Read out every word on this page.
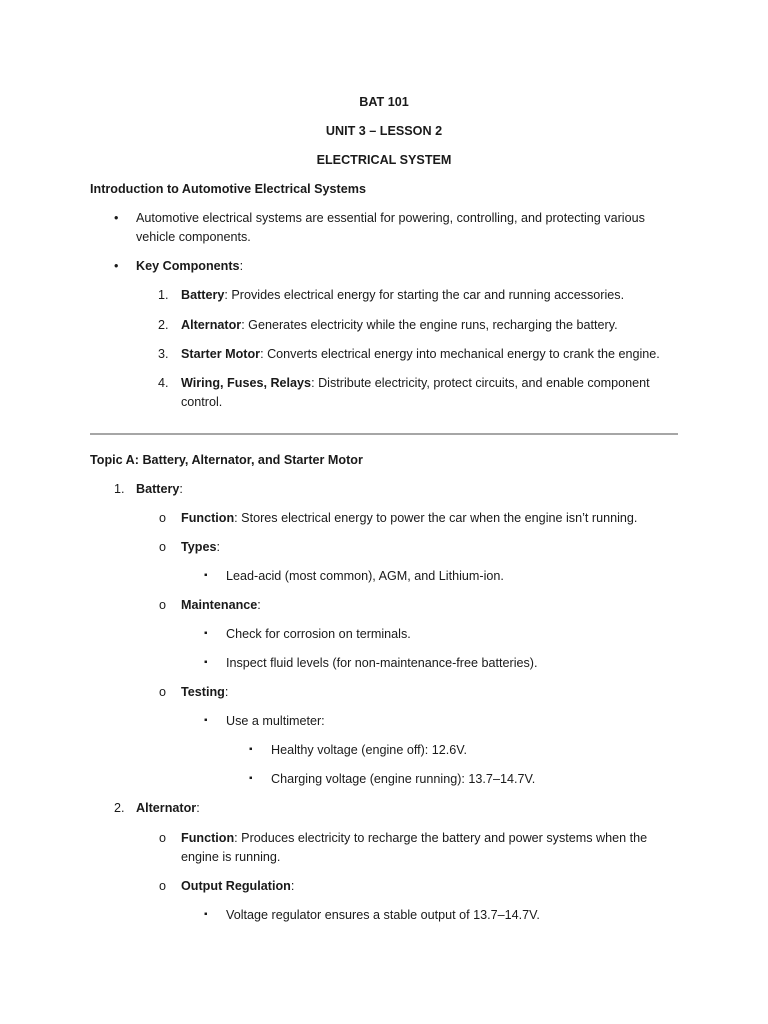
BAT 101
UNIT 3 – LESSON 2
ELECTRICAL SYSTEM
Introduction to Automotive Electrical Systems
• Automotive electrical systems are essential for powering, controlling, and protecting various
vehicle components.
• Key Components:
1. Battery: Provides electrical energy for starting the car and running accessories.
2. Alternator: Generates electricity while the engine runs, recharging the battery.
3. Starter Motor: Converts electrical energy into mechanical energy to crank the engine.
4. Wiring, Fuses, Relays: Distribute electricity, protect circuits, and enable component
control.
Topic A: Battery, Alternator, and Starter Motor
1. Battery:
o Function: Stores electrical energy to power the car when the engine isn’t running.
o Types:
▪ Lead-acid (most common), AGM, and Lithium-ion.
o Maintenance:
▪ Check for corrosion on terminals.
▪ Inspect fluid levels (for non-maintenance-free batteries).
o Testing:
▪ Use a multimeter:
▪ Healthy voltage (engine off): 12.6V.
▪ Charging voltage (engine running): 13.7–14.7V.
2. Alternator:
o Function: Produces electricity to recharge the battery and power systems when the
engine is running.
o Output Regulation:
▪ Voltage regulator ensures a stable output of 13.7–14.7V.
